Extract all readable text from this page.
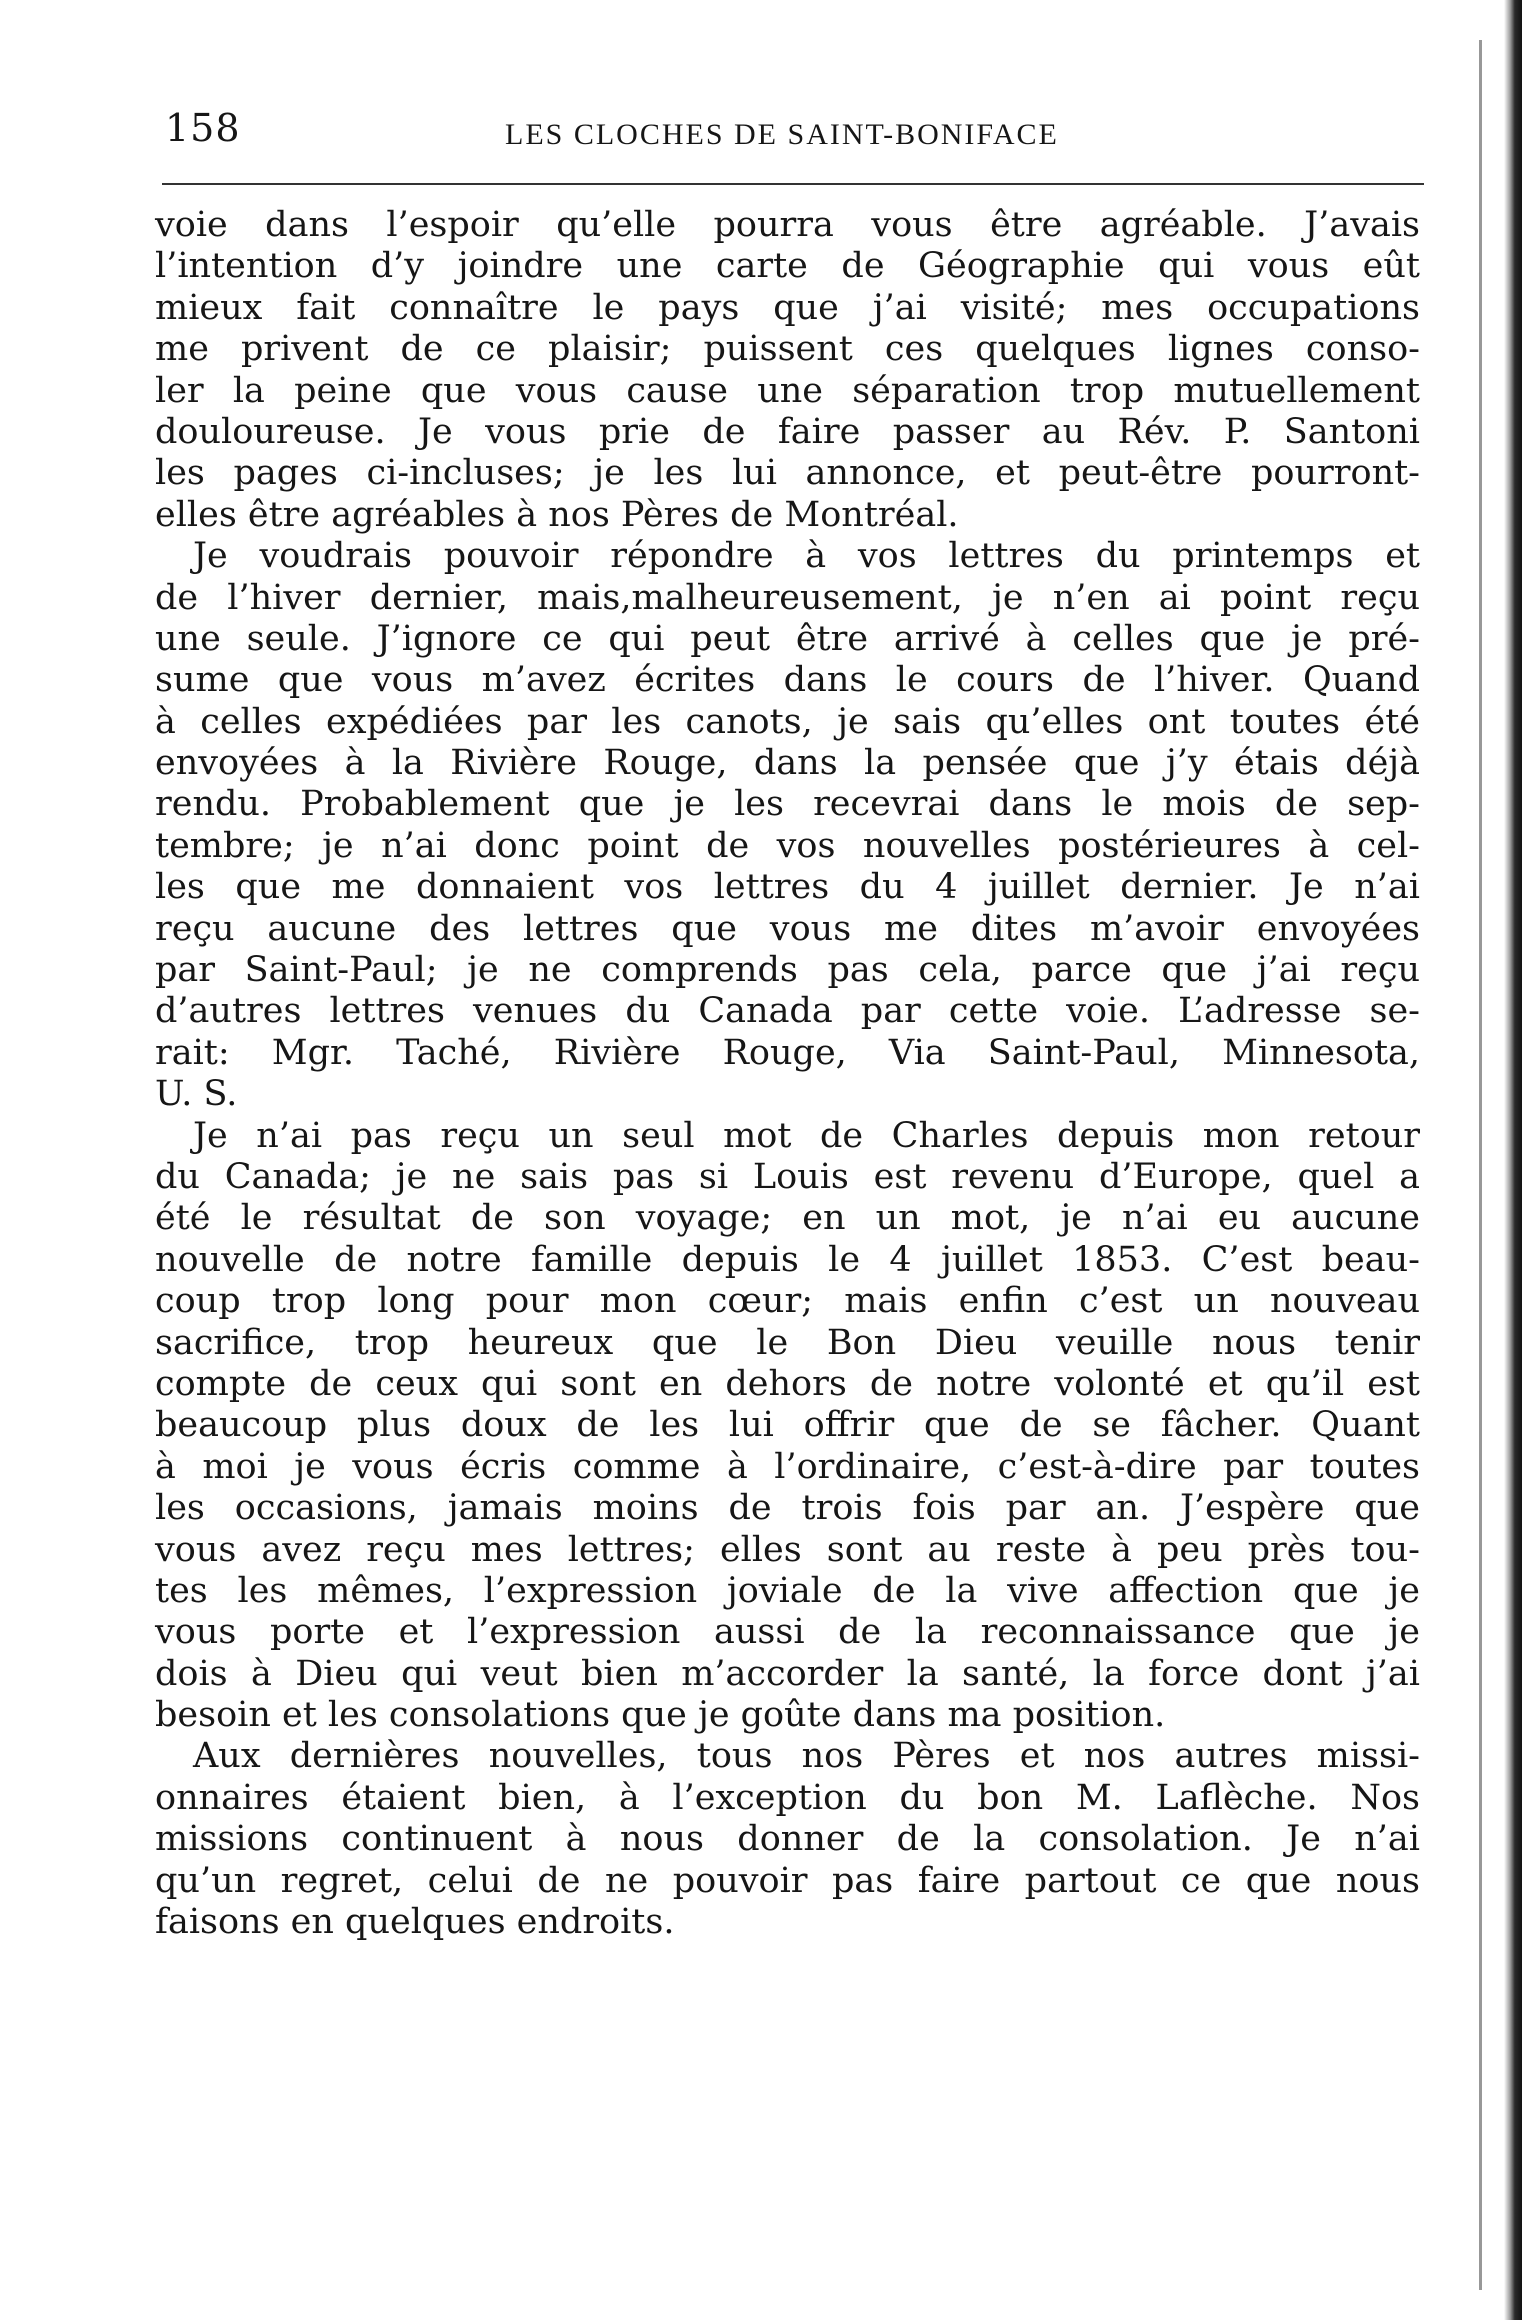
158	LES CLOCHES DE SAINT-BONIFACE
voie dans l’espoir qu’elle pourra vous être agréable. J’avais
l’intention d’y joindre une carte de Géographie qui vous eût
mieux fait connaître le pays que j’ai visité; mes occupations
me privent de ce plaisir; puissent ces quelques lignes conso-
ler la peine que vous cause une séparation trop mutuellement
douloureuse. Je vous prie de faire passer au Rév. P. Santoni
les pages ci-incluses; je les lui annonce, et peut-être pourront-
elles être agréables à nos Pères de Montréal.
Je voudrais pouvoir répondre à vos lettres du printemps et
de l’hiver dernier, mais,malheureusement, je n’en ai point reçu
une seule. J’ignore ce qui peut être arrivé à celles que je pré-
sume que vous m’avez écrites dans le cours de l’hiver. Quand
à celles expédiées par les canots, je sais qu’elles ont toutes été
envoyées à la Rivière Rouge, dans la pensée que j’y étais déjà
rendu. Probablement que je les recevrai dans le mois de sep-
tembre; je n’ai donc point de vos nouvelles postérieures à cel-
les que me donnaient vos lettres du 4 juillet dernier. Je n’ai
reçu aucune des lettres que vous me dites m’avoir envoyées
par Saint-Paul; je ne comprends pas cela, parce que j’ai reçu
d’autres lettres venues du Canada par cette voie. L’adresse se-
rait: Mgr. Taché, Rivière Rouge, Via Saint-Paul, Minnesota,
U. S.
Je n’ai pas reçu un seul mot de Charles depuis mon retour
du Canada; je ne sais pas si Louis est revenu d’Europe, quel a
été le résultat de son voyage; en un mot, je n’ai eu aucune
nouvelle de notre famille depuis le 4 juillet 1853. C’est beau-
coup trop long pour mon cœur; mais enfin c’est un nouveau
sacrifice, trop heureux que le Bon Dieu veuille nous tenir
compte de ceux qui sont en dehors de notre volonté et qu’il est
beaucoup plus doux de les lui offrir que de se fâcher. Quant
à moi je vous écris comme à l’ordinaire, c’est-à-dire par toutes
les occasions, jamais moins de trois fois par an. J’espère que
vous avez reçu mes lettres; elles sont au reste à peu près tou-
tes les mêmes, l’expression joviale de la vive affection que je
vous porte et l’expression aussi de la reconnaissance que je
dois à Dieu qui veut bien m’accorder la santé, la force dont j’ai
besoin et les consolations que je goûte dans ma position.
Aux dernières nouvelles, tous nos Pères et nos autres missi-
onnaires étaient bien, à l’exception du bon M. Laflèche. Nos
missions continuent à nous donner de la consolation. Je n’ai
qu’un regret, celui de ne pouvoir pas faire partout ce que nous
faisons en quelques endroits.
